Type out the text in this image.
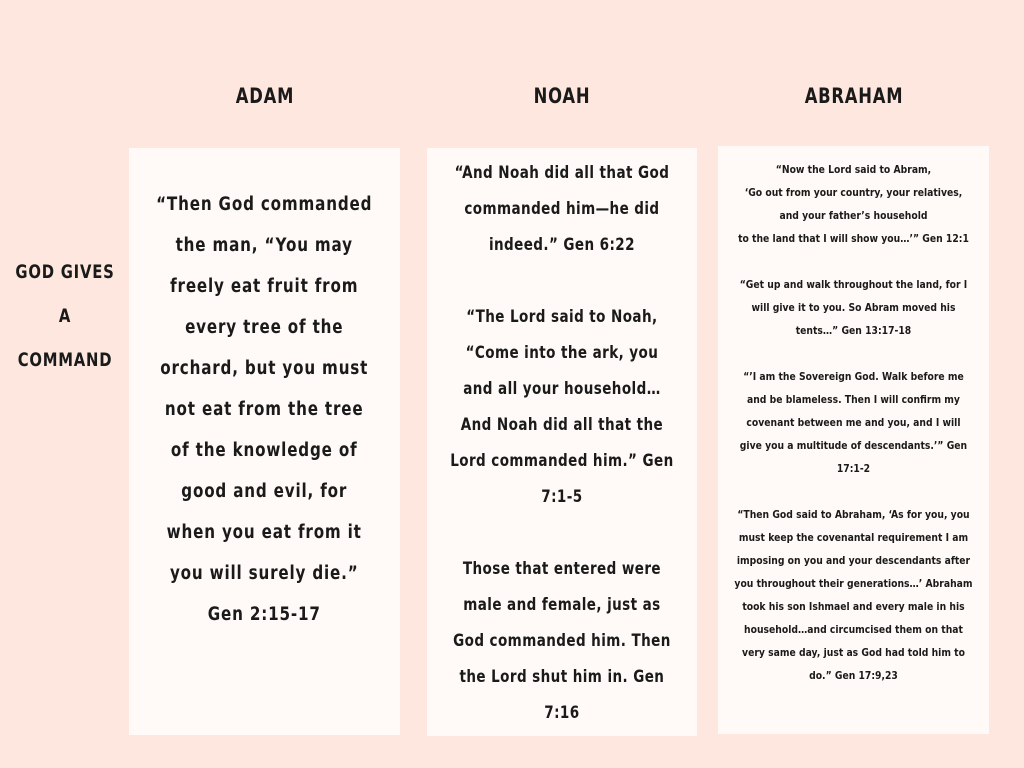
ADAM	NOAH	ABRAHAM
GOD GIVES
A
COMMAND

“Then God commanded
the man, “You may
freely eat fruit from
every tree of the
orchard, but you must
not eat from the tree
of the knowledge of
good and evil, for
when you eat from it
you will surely die.”
Gen 2:15-17

“And Noah did all that God
commanded him—he did
indeed.” Gen 6:22

“The Lord said to Noah,
“Come into the ark, you
and all your household…
And Noah did all that the
Lord commanded him.” Gen
7:1-5

Those that entered were
male and female, just as
God commanded him. Then
the Lord shut him in. Gen
7:16

“Now the Lord said to Abram,
‘Go out from your country, your relatives,
and your father’s household
to the land that I will show you…’” Gen 12:1

“Get up and walk throughout the land, for I
will give it to you. So Abram moved his
tents…” Gen 13:17-18

“’I am the Sovereign God. Walk before me
and be blameless. Then I will confirm my
covenant between me and you, and I will
give you a multitude of descendants.’” Gen
17:1-2

“Then God said to Abraham, ‘As for you, you
must keep the covenantal requirement I am
imposing on you and your descendants after
you throughout their generations…’ Abraham
took his son Ishmael and every male in his
household…and circumcised them on that
very same day, just as God had told him to
do.” Gen 17:9,23
